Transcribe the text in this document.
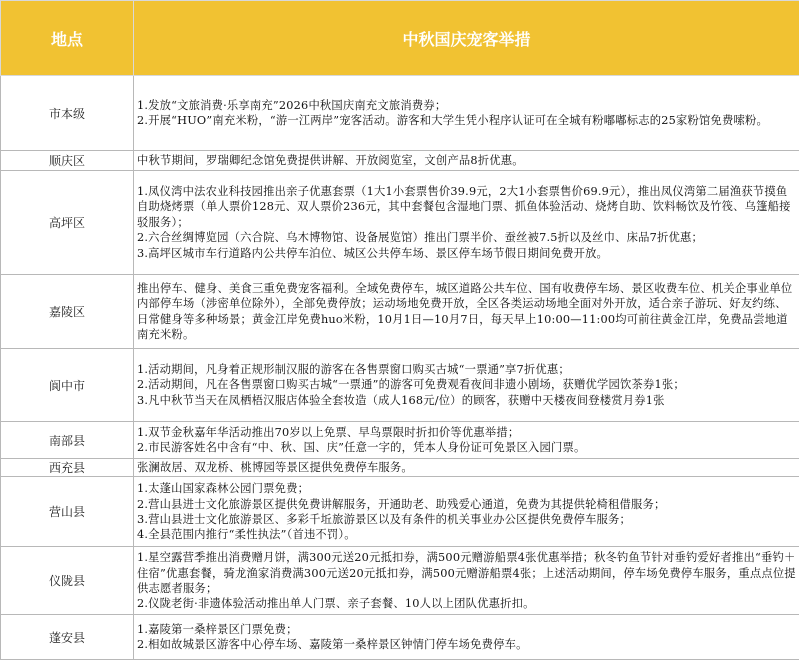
地点	中秋国庆宠客举措
市本级	1.发放“文旅消费·乐享南充”2026中秋国庆南充文旅消费券；
2.开展“HUO”南充米粉，“游一江两岸”宠客活动。游客和大学生凭小程序认证可在全城有粉嘟嘟标志的25家粉馆免费嗦粉。

顺庆区	中秋节期间，罗瑞卿纪念馆免费提供讲解、开放阅览室，文创产品8折优惠。

高坪区	1.凤仪湾中法农业科技园推出亲子优惠套票（1大1小套票售价39.9元，2大1小套票售价69.9元），推出凤仪湾第二届渔获节摸鱼自助烧烤票（单人票价128元、双人票价236元，其中套餐包含湿地门票、抓鱼体验活动、烧烤自助、饮料畅饮及竹筏、乌篷船接驳服务）；
2.六合丝绸博览园（六合院、乌木博物馆、设备展览馆）推出门票半价、蚕丝被7.5折以及丝巾、床品7折优惠；
3.高坪区城市车行道路内公共停车泊位、城区公共停车场、景区停车场节假日期间免费开放。

嘉陵区	推出停车、健身、美食三重免费宠客福利。全域免费停车，城区道路公共车位、国有收费停车场、景区收费车位、机关企事业单位内部停车场（涉密单位除外），全部免费停放；运动场地免费开放，全区各类运动场地全面对外开放，适合亲子游玩、好友约练、日常健身等多种场景；黄金江岸免费huo米粉，10月1日—10月7日，每天早上10:00—11:00均可前往黄金江岸，免费品尝地道南充米粉。

阆中市	1.活动期间，凡身着正规形制汉服的游客在各售票窗口购买古城“一票通”享7折优惠；
2.活动期间，凡在各售票窗口购买古城“一票通”的游客可免费观看夜间非遗小剧场，获赠优学园饮茶券1张；
3.凡中秋节当天在凤栖梧汉服店体验全套妆造（成人168元/位）的顾客，获赠中天楼夜间登楼赏月券1张

南部县	1.双节金秋嘉年华活动推出70岁以上免票、早鸟票限时折扣价等优惠举措；
2.市民游客姓名中含有“中、秋、国、庆”任意一字的，凭本人身份证可免景区入园门票。

西充县	张澜故居、双龙桥、桃博园等景区提供免费停车服务。

营山县	1.太蓬山国家森林公园门票免费；
2.营山县进士文化旅游景区提供免费讲解服务，开通助老、助残爱心通道，免费为其提供轮椅租借服务；
3.营山县进士文化旅游景区、多彩千坵旅游景区以及有条件的机关事业办公区提供免费停车服务；
4.全县范围内推行“柔性执法”（首违不罚）。

仪陇县	1.星空露营季推出消费赠月饼，满300元送20元抵扣券，满500元赠游船票4张优惠举措；秋冬钓鱼节针对垂钓爱好者推出“垂钓＋住宿”优惠套餐，骑龙渔家消费满300元送20元抵扣券，满500元赠游船票4张；上述活动期间，停车场免费停车服务，重点点位提供志愿者服务；
2.仪陇老街·非遗体验活动推出单人门票、亲子套餐、10人以上团队优惠折扣。

蓬安县	1.嘉陵第一桑梓景区门票免费；
2.相如故城景区游客中心停车场、嘉陵第一桑梓景区钟情门停车场免费停车。
